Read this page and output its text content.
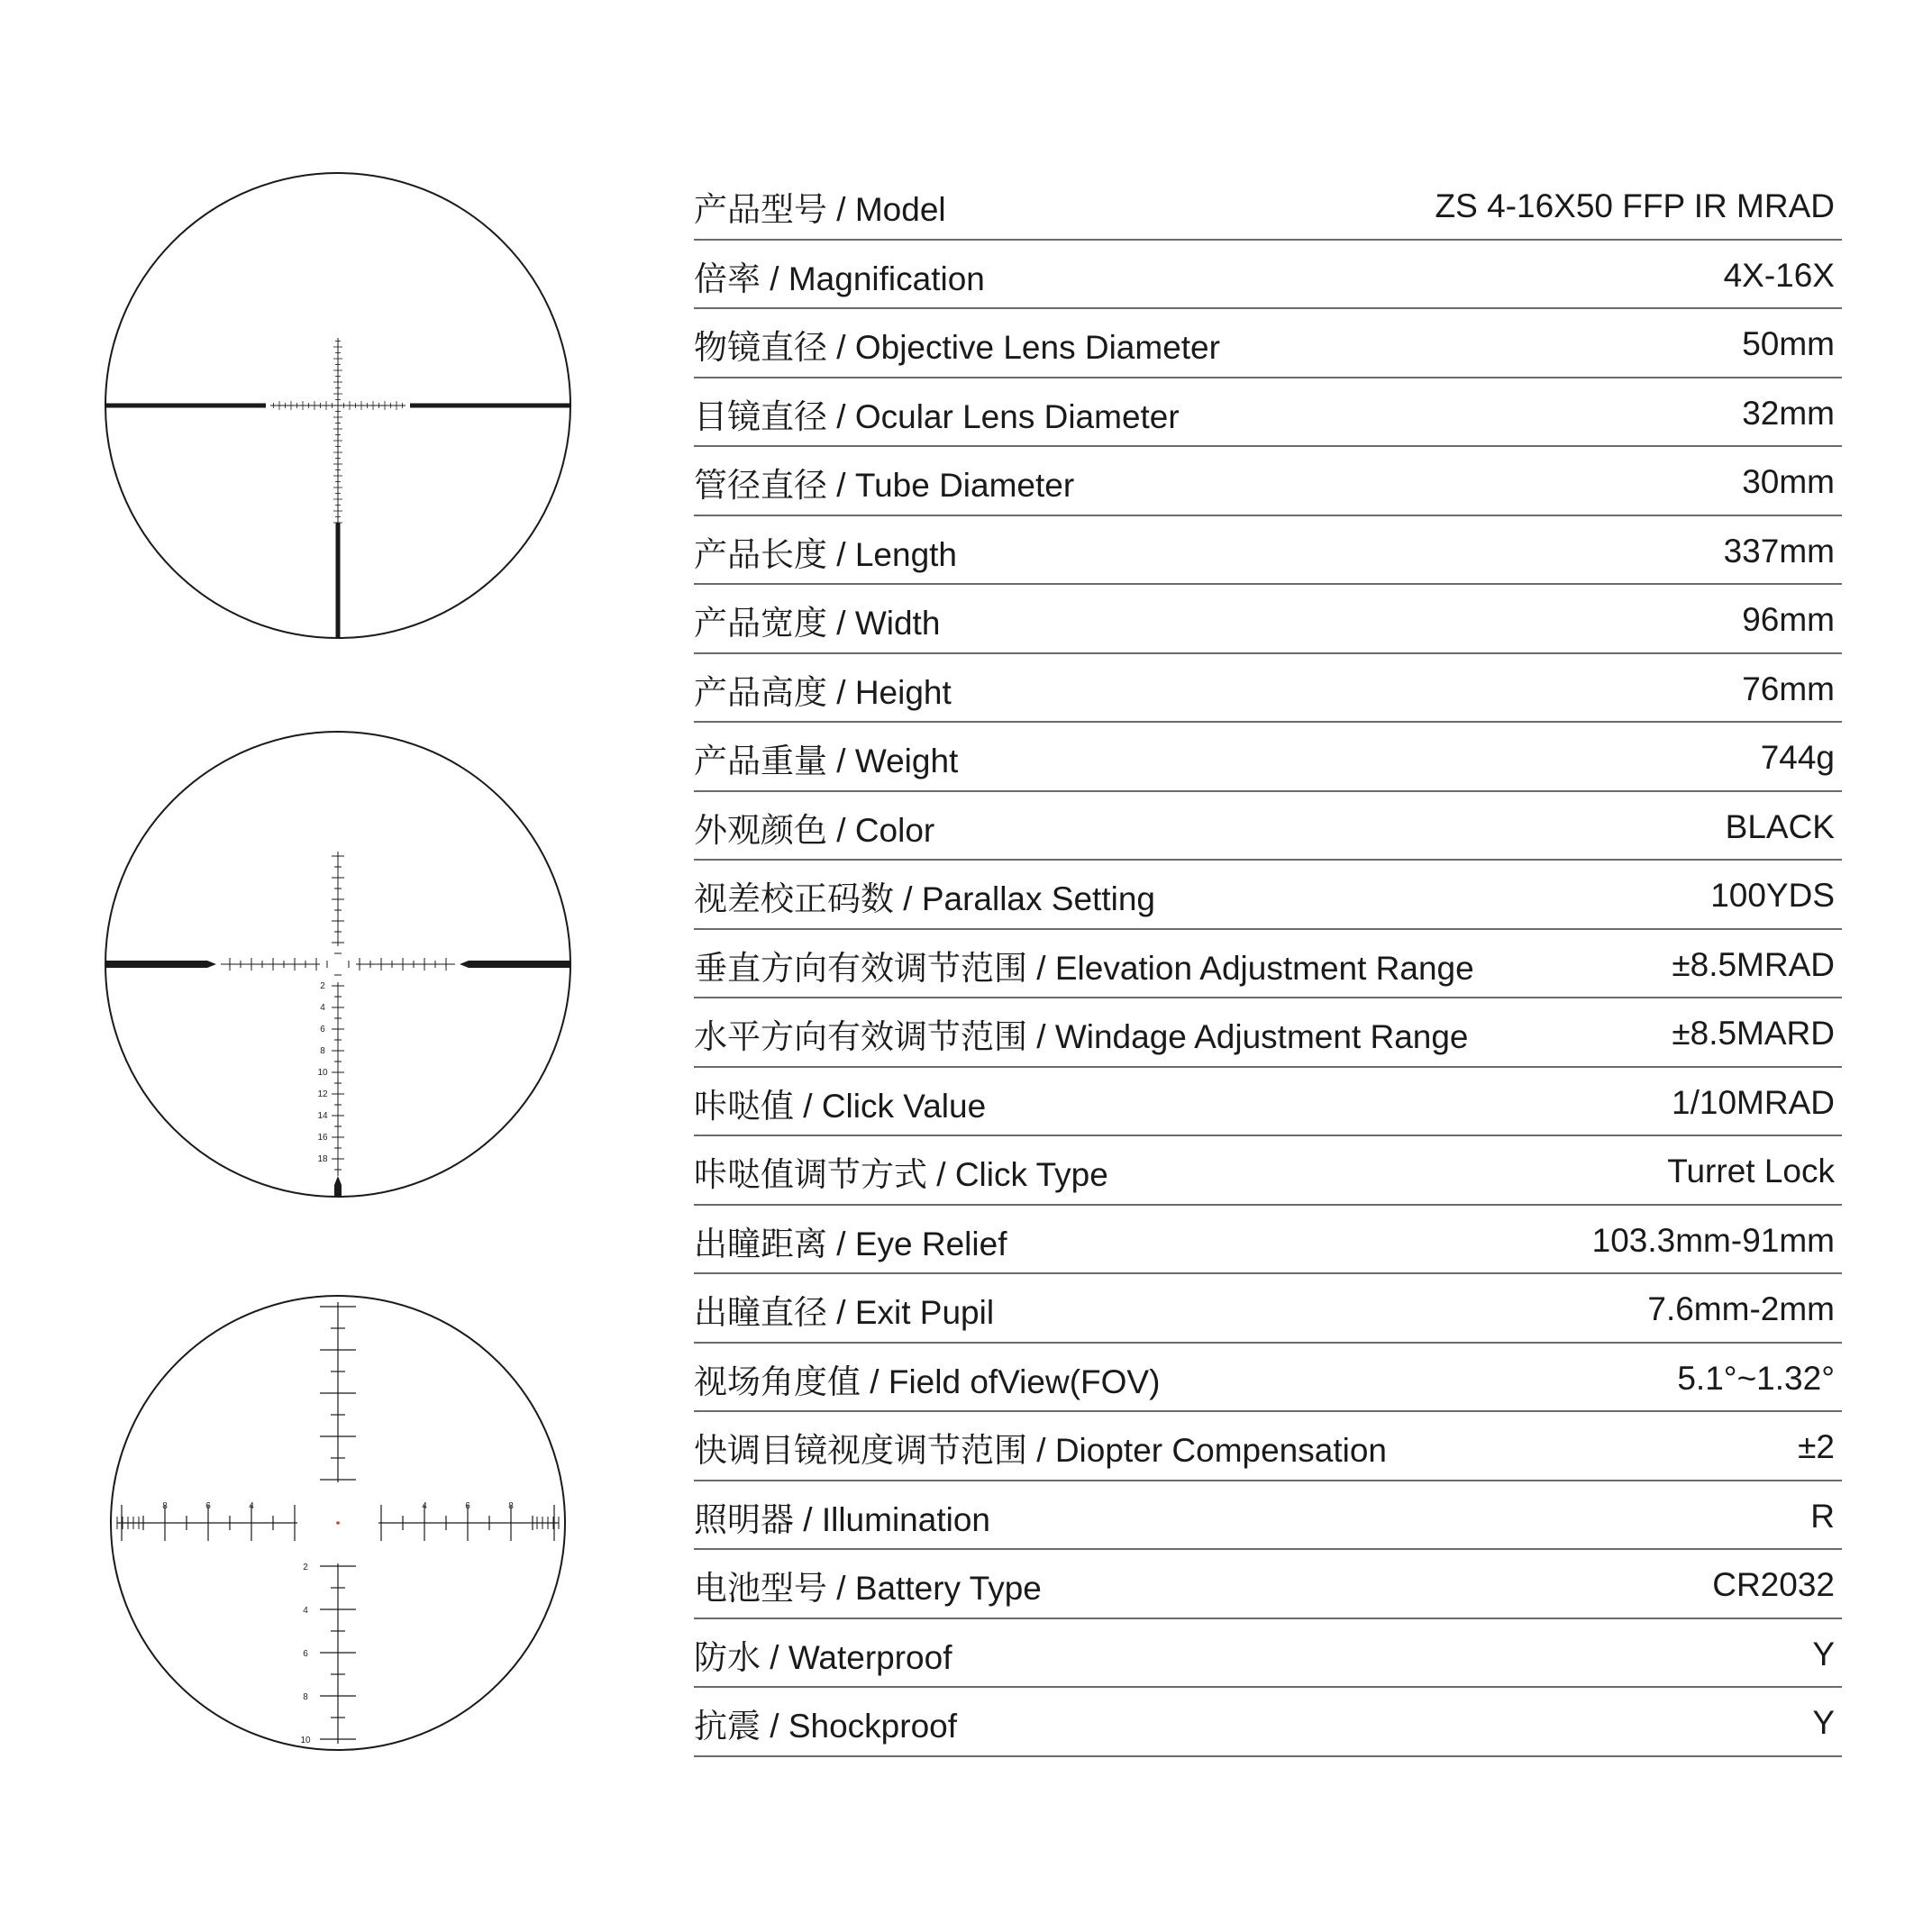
2
4
6
8
10
12
14
16
18
8	6	4	4	6	8
2
4
6
8
10
产品型号 / Model	ZS 4-16X50 FFP IR MRAD
倍率 / Magnification	4X-16X
物镜直径 / Objective Lens Diameter	50mm
目镜直径 / Ocular Lens Diameter	32mm
管径直径 / Tube Diameter	30mm
产品长度 / Length	337mm
产品宽度 / Width	96mm
产品高度 / Height	76mm
产品重量 / Weight	744g
外观颜色 / Color	BLACK
视差校正码数 / Parallax Setting	100YDS
垂直方向有效调节范围 / Elevation Adjustment Range	±8.5MRAD
水平方向有效调节范围 / Windage Adjustment Range	±8.5MARD
咔哒值 / Click Value	1/10MRAD
咔哒值调节方式 / Click Type	Turret Lock
出瞳距离 / Eye Relief	103.3mm-91mm
出瞳直径 / Exit Pupil	7.6mm-2mm
视场角度值 / Field ofView(FOV)	5.1°~1.32°
快调目镜视度调节范围 / Diopter Compensation	±2
照明器 / Illumination	R
电池型号 / Battery Type	CR2032
防水 / Waterproof	Y
抗震 / Shockproof	Y
